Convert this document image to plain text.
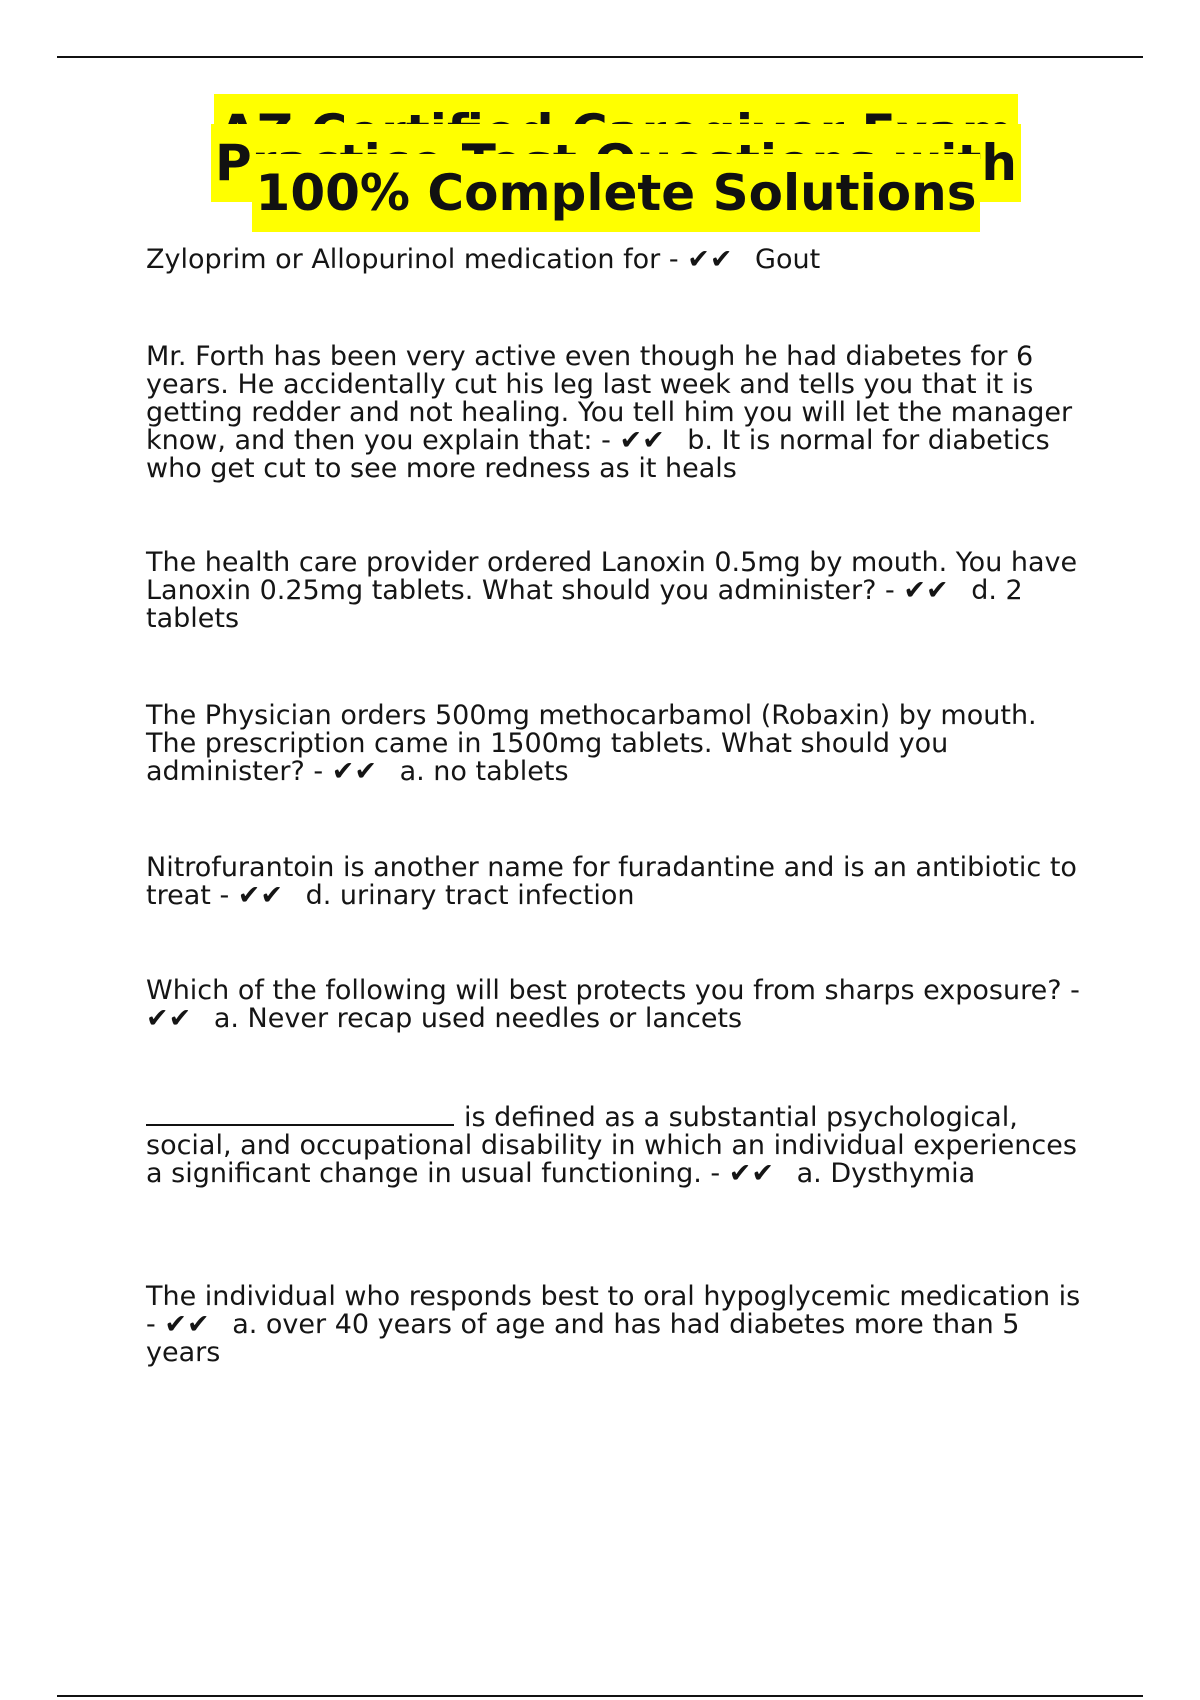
AZ Certified Caregiver Exam Practice Test Questions with 100% Complete Solutions

Zyloprim or Allopurinol medication for - ✔✔ Gout

Mr. Forth has been very active even though he had diabetes for 6 years. He accidentally cut his leg last week and tells you that it is getting redder and not healing. You tell him you will let the manager know, and then you explain that: - ✔✔ b. It is normal for diabetics who get cut to see more redness as it heals

The health care provider ordered Lanoxin 0.5mg by mouth. You have Lanoxin 0.25mg tablets. What should you administer? - ✔✔ d. 2 tablets

The Physician orders 500mg methocarbamol (Robaxin) by mouth. The prescription came in 1500mg tablets. What should you administer? - ✔✔ a. no tablets

Nitrofurantoin is another name for furadantine and is an antibiotic to treat - ✔✔ d. urinary tract infection

Which of the following will best protects you from sharps exposure? - ✔✔ a. Never recap used needles or lancets

is defined as a substantial psychological, social, and occupational disability in which an individual experiences a significant change in usual functioning. - ✔✔ a. Dysthymia

The individual who responds best to oral hypoglycemic medication is - ✔✔ a. over 40 years of age and has had diabetes more than 5 years
